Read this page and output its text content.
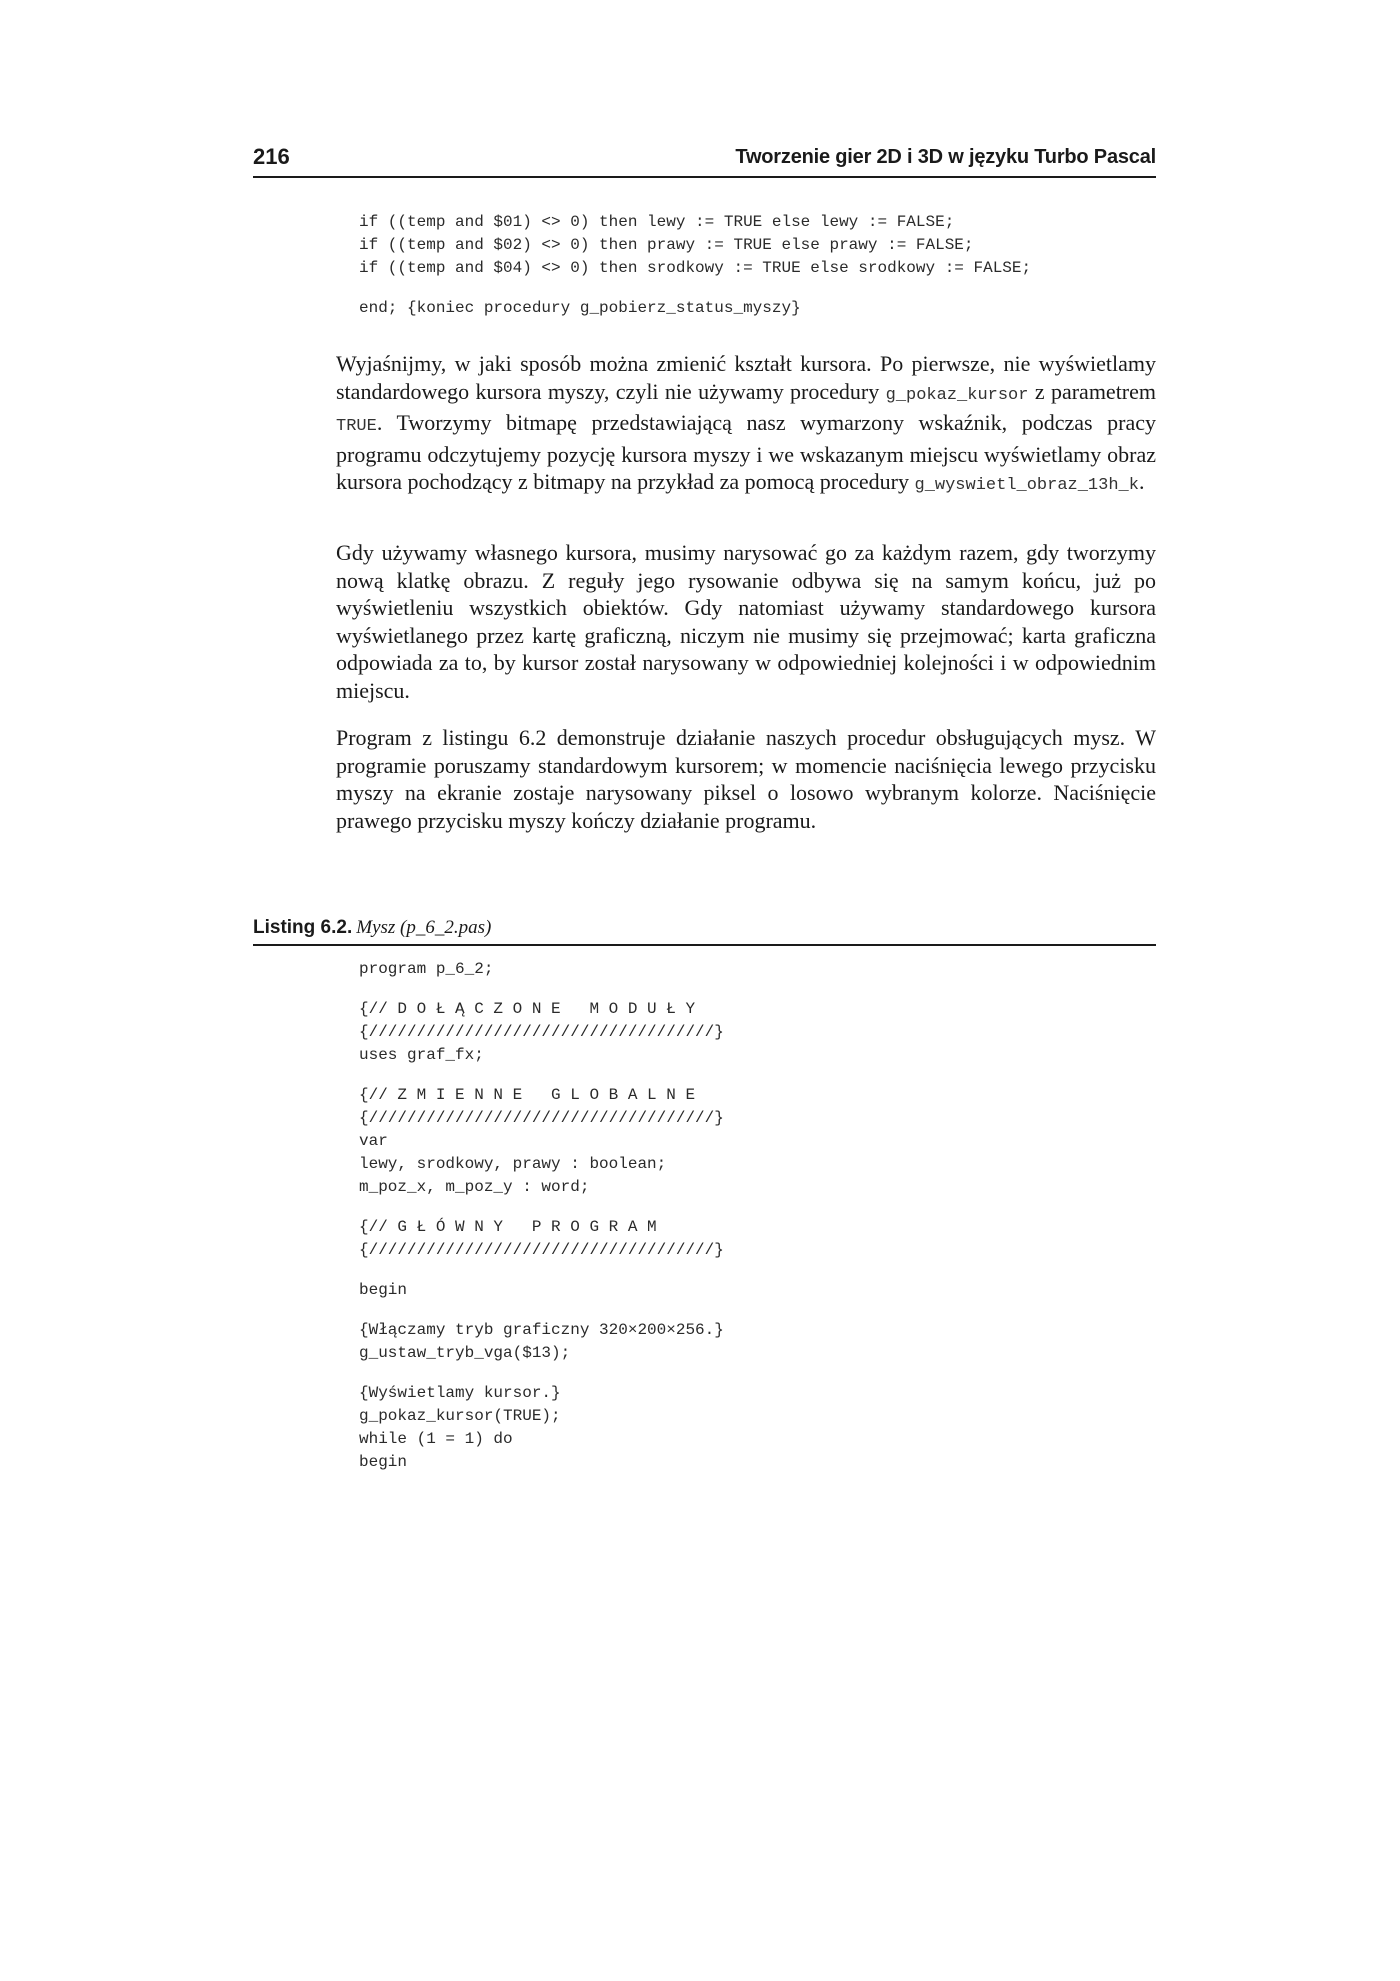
216	Tworzenie gier 2D i 3D w języku Turbo Pascal
if ((temp and $01) <> 0) then lewy := TRUE else lewy := FALSE;
if ((temp and $02) <> 0) then prawy := TRUE else prawy := FALSE;
if ((temp and $04) <> 0) then srodkowy := TRUE else srodkowy := FALSE;
end; {koniec procedury g_pobierz_status_myszy}

Wyjaśnijmy, w jaki sposób można zmienić kształt kursora. Po pierwsze, nie wyświetlamy standardowego kursora myszy, czyli nie używamy procedury g_pokaz_kursor z parametrem TRUE. Tworzymy bitmapę przedstawiającą nasz wymarzony wskaźnik, podczas pracy programu odczytujemy pozycję kursora myszy i we wskazanym miejscu wyświetlamy obraz kursora pochodzący z bitmapy na przykład za pomocą procedury g_wyswietl_obraz_13h_k.

Gdy używamy własnego kursora, musimy narysować go za każdym razem, gdy tworzymy nową klatkę obrazu. Z reguły jego rysowanie odbywa się na samym końcu, już po wyświetleniu wszystkich obiektów. Gdy natomiast używamy standardowego kursora wyświetlanego przez kartę graficzną, niczym nie musimy się przejmować; karta graficzna odpowiada za to, by kursor został narysowany w odpowiedniej kolejności i w odpowiednim miejscu.

Program z listingu 6.2 demonstruje działanie naszych procedur obsługujących mysz. W programie poruszamy standardowym kursorem; w momencie naciśnięcia lewego przycisku myszy na ekranie zostaje narysowany piksel o losowo wybranym kolorze. Naciśnięcie prawego przycisku myszy kończy działanie programu.

Listing 6.2. Mysz (p_6_2.pas)
program p_6_2;
{// D O Ł Ą C Z O N E   M O D U Ł Y
{////////////////////////////////////}
uses graf_fx;
{// Z M I E N N E   G L O B A L N E
{////////////////////////////////////}
var
lewy, srodkowy, prawy : boolean;
m_poz_x, m_poz_y : word;
{// G Ł Ó W N Y   P R O G R A M
{////////////////////////////////////}
begin
{Włączamy tryb graficzny 320×200×256.}
g_ustaw_tryb_vga($13);
{Wyświetlamy kursor.}
g_pokaz_kursor(TRUE);
while (1 = 1) do
begin
